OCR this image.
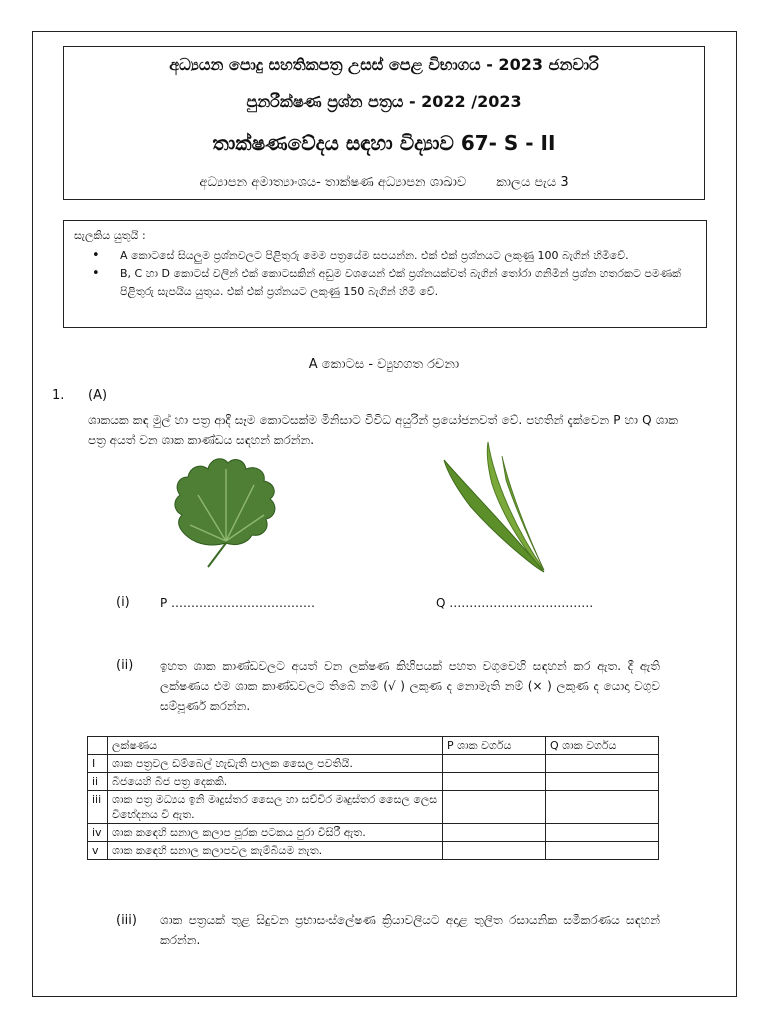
අධ්‍යයන පොදු සහතිකපත්‍ර උසස් පෙළ විභාගය - 2023 ජනවාරි
පුනරීක්ෂණ ප්‍රශ්න පත්‍රය - 2022 /2023
තාක්ෂණවේදය සඳහා විද්‍යාව 67- S - II
අධ්‍යාපන අමාත්‍යාංශය- තාක්ෂණ අධ්‍යාපන ශාඛාව කාලය පැය 3
සැලකිය යුතුයි :
• A කොටසේ සියලුම ප්‍රශ්නවලට පිළිතුරු මෙම පත්‍රයේම සපයන්න. එක් එක් ප්‍රශ්නයට ලකුණු 100 බැගින් හිමිවේ.
• B, C හා D කොටස් වලින් එක් කොටසකින් අඩුම වශයෙන් එක් ප්‍රශ්නයක්වත් බැගින් තෝරා ගනිමින් ප්‍රශ්න හතරකට පමණක් පිළිතුරු සැපයිය යුතුය. එක් එක් ප්‍රශ්නයට ලකුණු 150 බැගින් හිමි වේ.
A කොටස - ව්‍යුහගත රචනා
1. (A)
ශාකයක කඳ මුල් හා පත්‍ර ආදී සෑම කොටසක්ම මිනිසාට විවිධ අයුරින් ප්‍රයෝජනවත් වේ. පහතින් දැක්වෙන P හා Q ශාක පත්‍ර අයත් වන ශාක කාණ්ඩය සඳහන් කරන්න.
(i)	P ………………………………	Q ………………………………
(ii) ඉහත ශාක කාණ්ඩවලට අයත් වන ලක්ෂණ කිහිපයක් පහත වගුවෙහි සඳහන් කර ඇත. දී ඇති ලක්ෂණය එම ශාක කාණ්ඩවලට තිබේ නම් (√ ) ලකුණ ද නොමැති නම් (× ) ලකුණ ද යොදා වගුව සම්පූර්ණ කරන්න.
	ලක්ෂණය	P ශාක වර්ගය	Q ශාක වර්ගය
I	ශාක පත්‍රවල ඩම්බෙල් හැඩැති පාලක සෛල පවතියි.		
ii	බීජයෙහි බීජ පත්‍ර දෙකකි.		
iii	ශාක පත්‍ර මධ්‍යය ඉනි මෘදුස්තර සෛල හා සච්චිර මෘදුස්තර සෛල ලෙස විභේදනය වී ඇත.		
iv	ශාක කඳෙහි සනාල කලාප පූරක පටකය පුරා විසිරී ඇත.		
v	ශාක කඳෙහි සනාල කලාපවල කැම්බියම නැත.		
(iii) ශාක පත්‍රයක් තුළ සිදුවන ප්‍රභාසංස්ලේෂණ ක්‍රියාවලියට අදාළ තුලිත රසායනික සමීකරණය සඳහන් කරන්න.
